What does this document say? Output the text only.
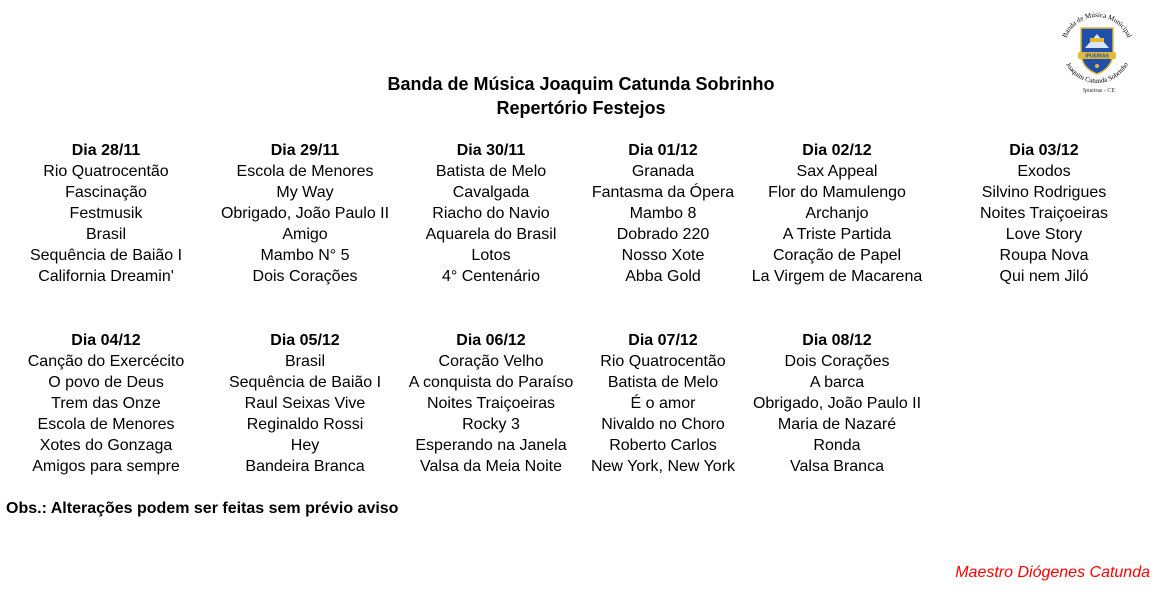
Banda de Música Municipal
Joaquim Catunda Sobrinho
IPUEIRAS
Ipueiras - CE
Banda de Música Joaquim Catunda Sobrinho
Repertório Festejos
Dia 28/11
Rio Quatrocentão
Fascinação
Festmusik
Brasil
Sequência de Baião I
California Dreamin'
Dia 29/11
Escola de Menores
My Way
Obrigado, João Paulo II
Amigo
Mambo N° 5
Dois Corações
Dia 30/11
Batista de Melo
Cavalgada
Riacho do Navio
Aquarela do Brasil
Lotos
4° Centenário
Dia 01/12
Granada
Fantasma da Ópera
Mambo 8
Dobrado 220
Nosso Xote
Abba Gold
Dia 02/12
Sax Appeal
Flor do Mamulengo
Archanjo
A Triste Partida
Coração de Papel
La Virgem de Macarena
Dia 03/12
Exodos
Silvino Rodrigues
Noites Traiçoeiras
Love Story
Roupa Nova
Qui nem Jiló
Dia 04/12
Canção do Exercécito
O povo de Deus
Trem das Onze
Escola de Menores
Xotes do Gonzaga
Amigos para sempre
Dia 05/12
Brasil
Sequência de Baião I
Raul Seixas Vive
Reginaldo Rossi
Hey
Bandeira Branca
Dia 06/12
Coração Velho
A conquista do Paraíso
Noites Traiçoeiras
Rocky 3
Esperando na Janela
Valsa da Meia Noite
Dia 07/12
Rio Quatrocentão
Batista de Melo
É o amor
Nivaldo no Choro
Roberto Carlos
New York, New York
Dia 08/12
Dois Corações
A barca
Obrigado, João Paulo II
Maria de Nazaré
Ronda
Valsa Branca
Obs.: Alterações podem ser feitas sem prévio aviso
Maestro Diógenes Catunda
